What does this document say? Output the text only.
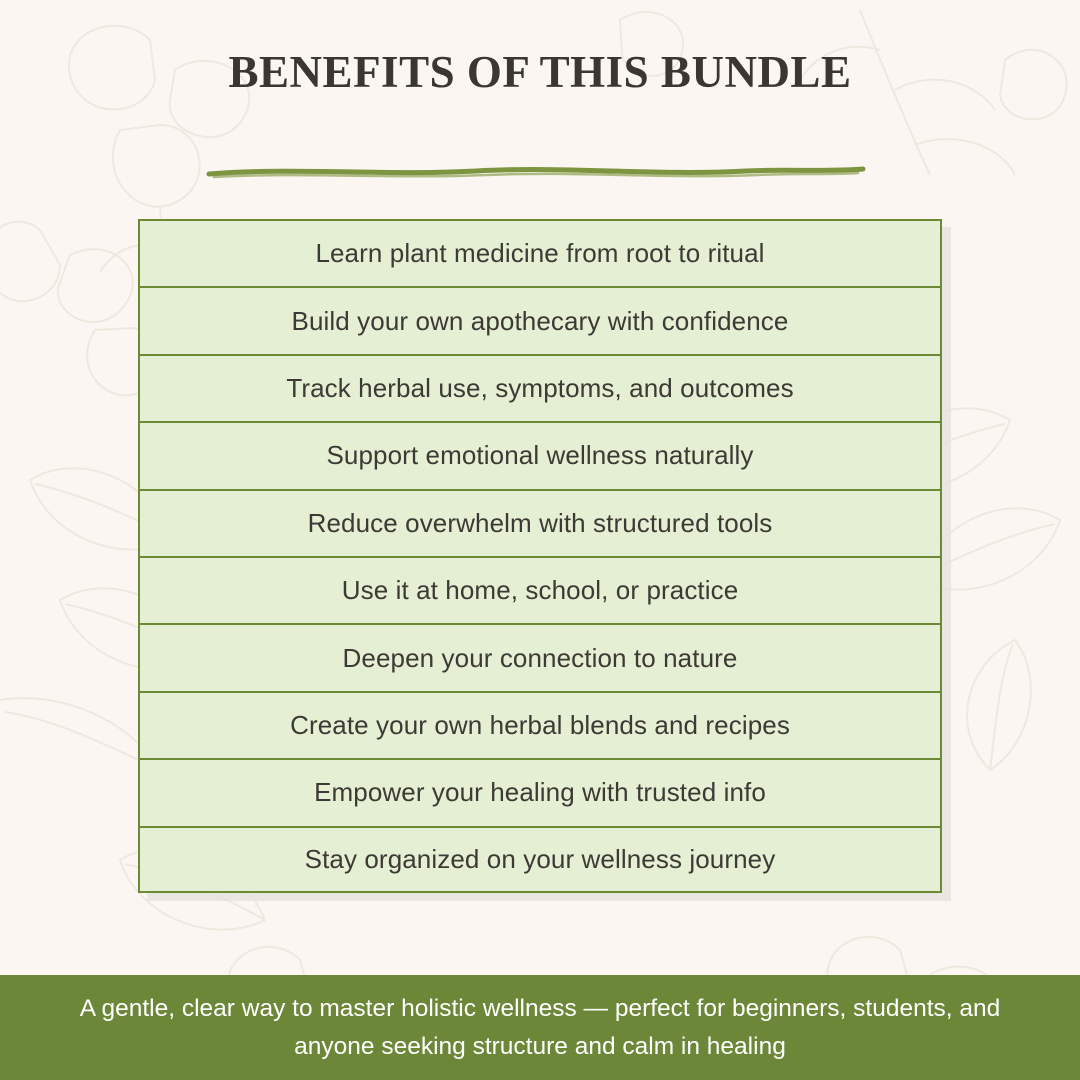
BENEFITS OF THIS BUNDLE
Learn plant medicine from root to ritual
Build your own apothecary with confidence
Track herbal use, symptoms, and outcomes
Support emotional wellness naturally
Reduce overwhelm with structured tools
Use it at home, school, or practice
Deepen your connection to nature
Create your own herbal blends and recipes
Empower your healing with trusted info
Stay organized on your wellness journey
A gentle, clear way to master holistic wellness — perfect for beginners, students, and anyone seeking structure and calm in healing
